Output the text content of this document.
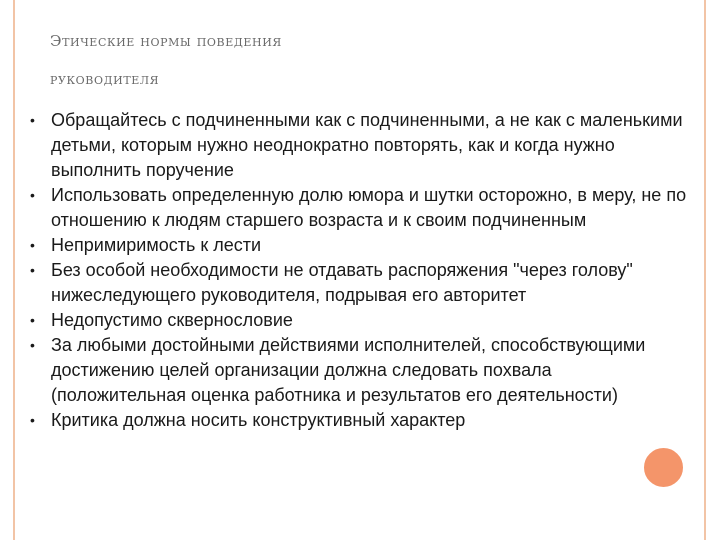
Этические нормы поведения
руководителя
• Обращайтесь с подчиненными как с подчиненными, а не как с маленькими детьми, которым нужно неоднократно повторять, как и когда нужно выполнить поручение
• Использовать определенную долю юмора и шутки осторожно, в меру, не по отношению к людям старшего возраста и к своим подчиненным
• Непримиримость к лести
• Без особой необходимости не отдавать распоряжения "через голову" нижеследующего руководителя, подрывая его авторитет
• Недопустимо сквернословие
• За любыми достойными действиями исполнителей, способствующими достижению целей организации должна следовать похвала (положительная оценка работника и результатов его деятельности)
• Критика должна носить конструктивный характер
